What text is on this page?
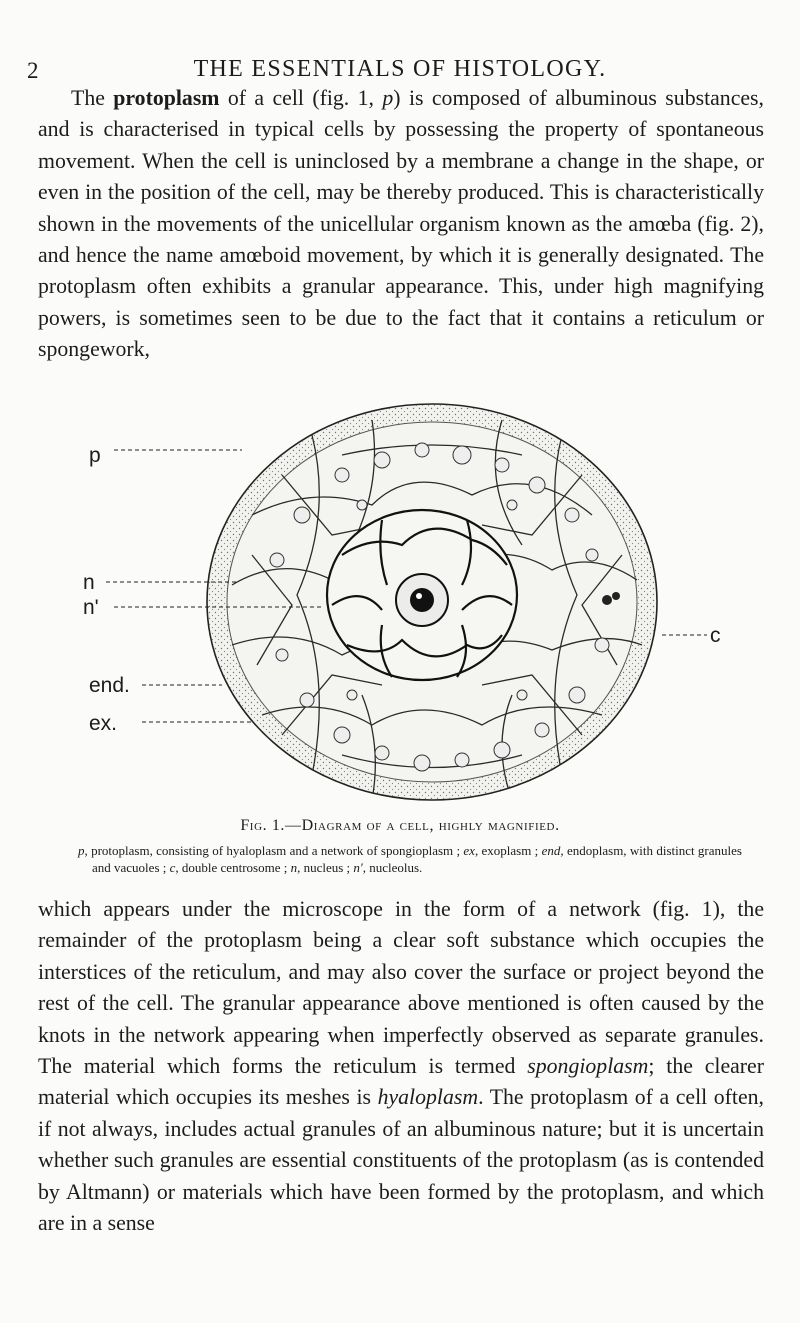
2	THE ESSENTIALS OF HISTOLOGY.

The protoplasm of a cell (fig. 1, p) is composed of albuminous substances, and is characterised in typical cells by possessing the property of spontaneous movement. When the cell is uninclosed by a membrane a change in the shape, or even in the position of the cell, may be thereby produced. This is characteristically shown in the movements of the unicellular organism known as the amœba (fig. 2), and hence the name amœboid movement, by which it is generally designated. The protoplasm often exhibits a granular appearance. This, under high magnifying powers, is sometimes seen to be due to the fact that it contains a reticulum or spongework,

p
n
n'
end.
ex.
c
Fig. 1.—Diagram of a cell, highly magnified.
p, protoplasm, consisting of hyaloplasm and a network of spongioplasm ; ex, exoplasm ; end, endoplasm, with distinct granules and vacuoles ; c, double centrosome ; n, nucleus ; n', nucleolus.

which appears under the microscope in the form of a network (fig. 1), the remainder of the protoplasm being a clear soft substance which occupies the interstices of the reticulum, and may also cover the surface or project beyond the rest of the cell. The granular appearance above mentioned is often caused by the knots in the network appearing when imperfectly observed as separate granules. The material which forms the reticulum is termed spongioplasm; the clearer material which occupies its meshes is hyaloplasm. The protoplasm of a cell often, if not always, includes actual granules of an albuminous nature; but it is uncertain whether such granules are essential constituents of the protoplasm (as is contended by Altmann) or materials which have been formed by the protoplasm, and which are in a sense
